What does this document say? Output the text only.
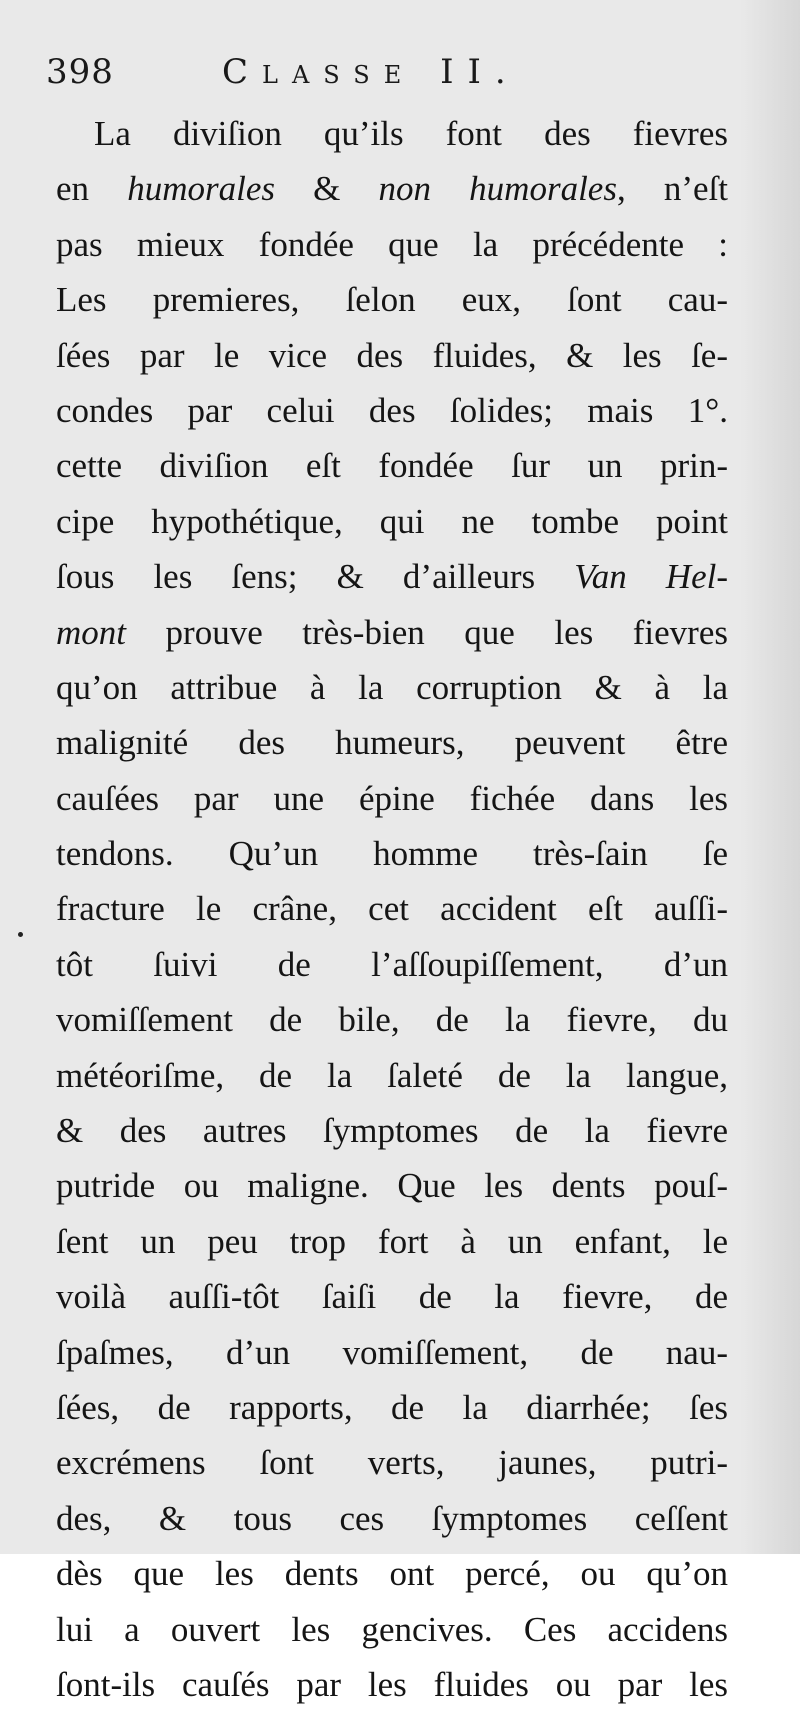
398	Classe II.
La diviſion qu’ils font des fievres
en humorales & non humorales, n’eſt
pas mieux fondée que la précédente :
Les premieres, ſelon eux, ſont cau-
ſées par le vice des fluides, & les ſe-
condes par celui des ſolides; mais 1°.
cette diviſion eſt fondée ſur un prin-
cipe hypothétique, qui ne tombe point
ſous les ſens; & d’ailleurs Van Hel-
mont prouve très-bien que les fievres
qu’on attribue à la corruption & à la
malignité des humeurs, peuvent être
cauſées par une épine fichée dans les
tendons. Qu’un homme très-ſain ſe
fracture le crâne, cet accident eſt auſſi-
tôt ſuivi de l’aſſoupiſſement, d’un
vomiſſement de bile, de la fievre, du
météoriſme, de la ſaleté de la langue,
& des autres ſymptomes de la fievre
putride ou maligne. Que les dents pouſ-
ſent un peu trop fort à un enfant, le
voilà auſſi-tôt ſaiſi de la fievre, de
ſpaſmes, d’un vomiſſement, de nau-
ſées, de rapports, de la diarrhée; ſes
excrémens ſont verts, jaunes, putri-
des, & tous ces ſymptomes ceſſent
dès que les dents ont percé, ou qu’on
lui a ouvert les gencives. Ces accidens
ſont-ils cauſés par les fluides ou par les
